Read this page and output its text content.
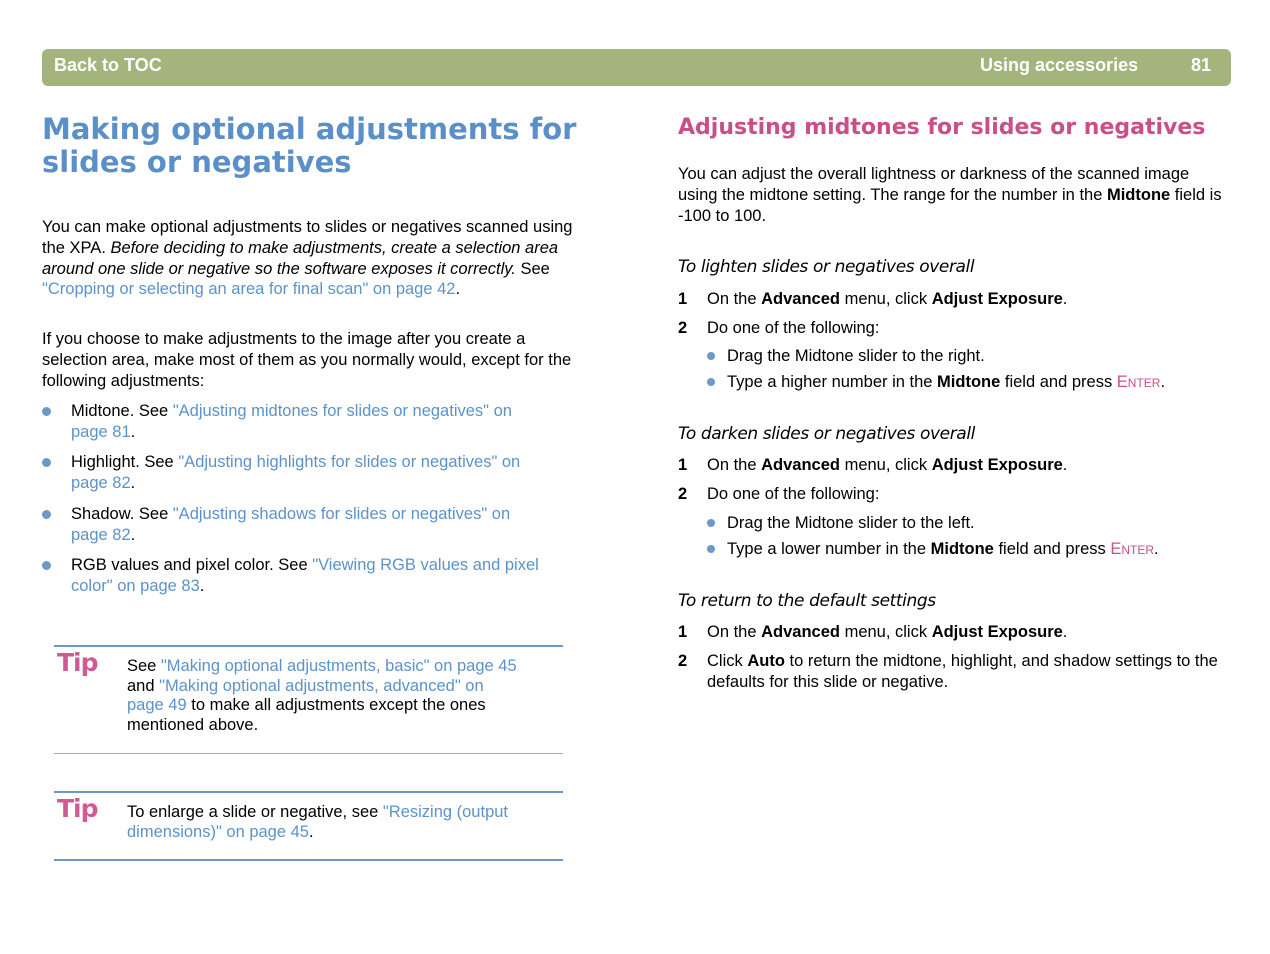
Back to TOC	Using accessories	81
Making optional adjustments for slides or negatives
You can make optional adjustments to slides or negatives scanned using the XPA. Before deciding to make adjustments, create a selection area around one slide or negative so the software exposes it correctly. See "Cropping or selecting an area for final scan" on page 42.
If you choose to make adjustments to the image after you create a selection area, make most of them as you normally would, except for the following adjustments:
Midtone. See "Adjusting midtones for slides or negatives" on page 81.
Highlight. See "Adjusting highlights for slides or negatives" on page 82.
Shadow. See "Adjusting shadows for slides or negatives" on page 82.
RGB values and pixel color. See "Viewing RGB values and pixel color" on page 83.
Tip See "Making optional adjustments, basic" on page 45 and "Making optional adjustments, advanced" on page 49 to make all adjustments except the ones mentioned above.
Tip To enlarge a slide or negative, see "Resizing (output dimensions)" on page 45.
Adjusting midtones for slides or negatives
You can adjust the overall lightness or darkness of the scanned image using the midtone setting. The range for the number in the Midtone field is -100 to 100.
To lighten slides or negatives overall
1 On the Advanced menu, click Adjust Exposure.
2 Do one of the following:
Drag the Midtone slider to the right.
Type a higher number in the Midtone field and press Enter.
To darken slides or negatives overall
1 On the Advanced menu, click Adjust Exposure.
2 Do one of the following:
Drag the Midtone slider to the left.
Type a lower number in the Midtone field and press Enter.
To return to the default settings
1 On the Advanced menu, click Adjust Exposure.
2 Click Auto to return the midtone, highlight, and shadow settings to the defaults for this slide or negative.
